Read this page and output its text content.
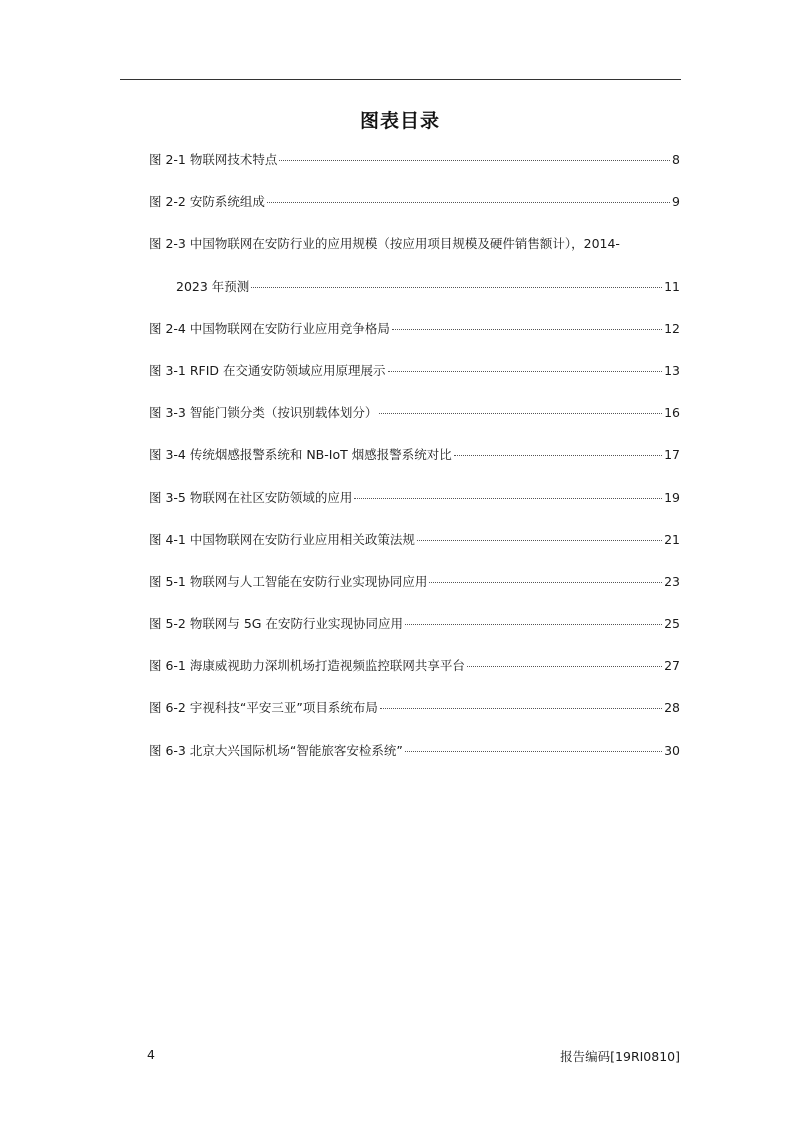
图表目录
图 2-1 物联网技术特点	8
图 2-2 安防系统组成	9
图 2-3 中国物联网在安防行业的应用规模（按应用项目规模及硬件销售额计），2014-
2023 年预测	11
图 2-4 中国物联网在安防行业应用竞争格局	12
图 3-1 RFID 在交通安防领域应用原理展示	13
图 3-3 智能门锁分类（按识别载体划分）	16
图 3-4 传统烟感报警系统和 NB-IoT 烟感报警系统对比	17
图 3-5 物联网在社区安防领域的应用	19
图 4-1 中国物联网在安防行业应用相关政策法规	21
图 5-1 物联网与人工智能在安防行业实现协同应用	23
图 5-2 物联网与 5G 在安防行业实现协同应用	25
图 6-1 海康威视助力深圳机场打造视频监控联网共享平台	27
图 6-2 宇视科技“平安三亚”项目系统布局	28
图 6-3 北京大兴国际机场“智能旅客安检系统”	30
4	报告编码[19RI0810]
